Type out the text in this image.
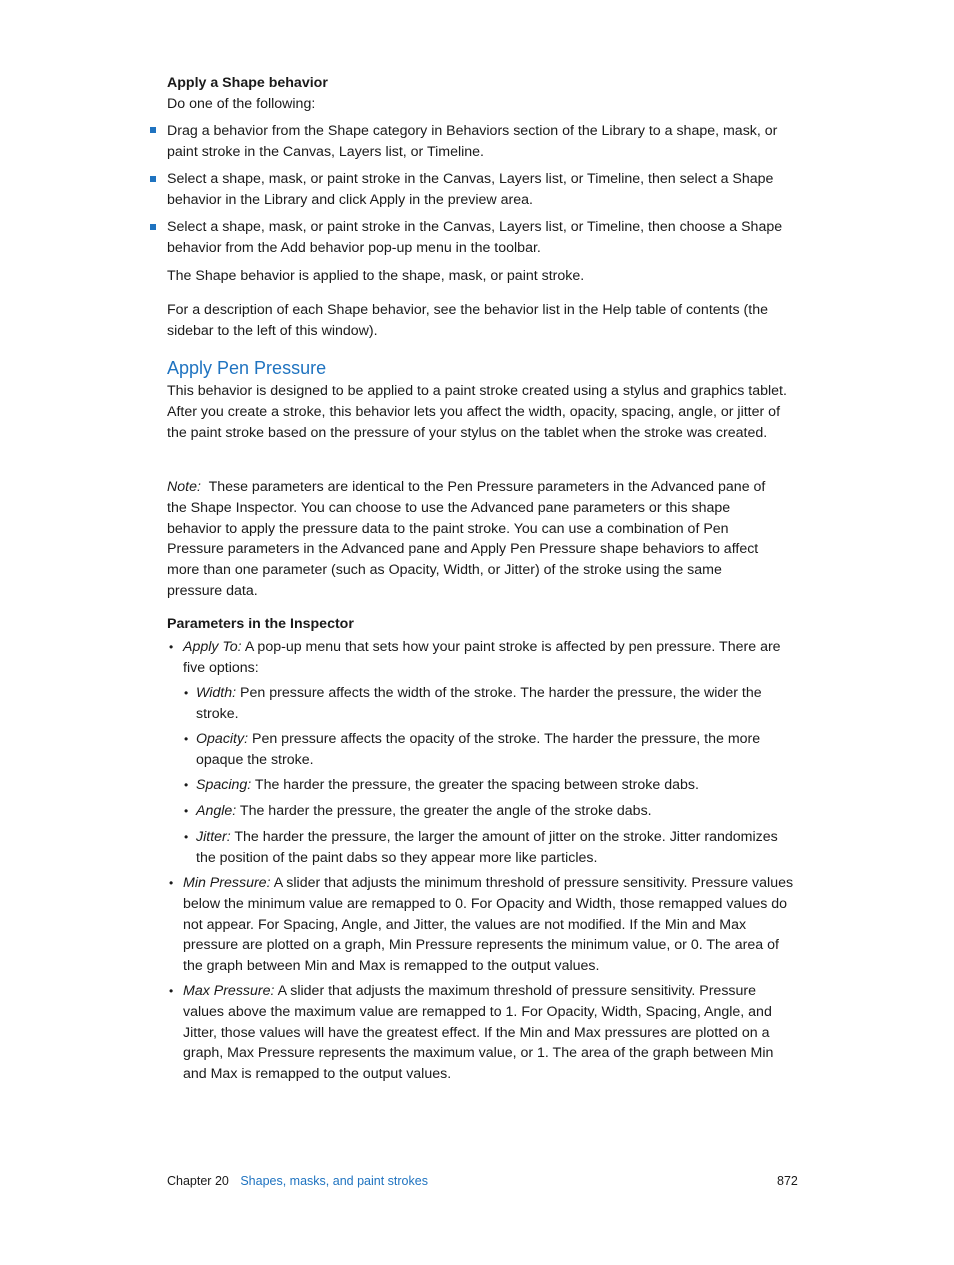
Apply a Shape behavior

Do one of the following:

Drag a behavior from the Shape category in Behaviors section of the Library to a shape, mask, or paint stroke in the Canvas, Layers list, or Timeline.

Select a shape, mask, or paint stroke in the Canvas, Layers list, or Timeline, then select a Shape behavior in the Library and click Apply in the preview area.

Select a shape, mask, or paint stroke in the Canvas, Layers list, or Timeline, then choose a Shape behavior from the Add behavior pop-up menu in the toolbar.

The Shape behavior is applied to the shape, mask, or paint stroke.

For a description of each Shape behavior, see the behavior list in the Help table of contents (the sidebar to the left of this window).

Apply Pen Pressure

This behavior is designed to be applied to a paint stroke created using a stylus and graphics tablet. After you create a stroke, this behavior lets you affect the width, opacity, spacing, angle, or jitter of the paint stroke based on the pressure of your stylus on the tablet when the stroke was created.

Note: These parameters are identical to the Pen Pressure parameters in the Advanced pane of the Shape Inspector. You can choose to use the Advanced pane parameters or this shape behavior to apply the pressure data to the paint stroke. You can use a combination of Pen Pressure parameters in the Advanced pane and Apply Pen Pressure shape behaviors to affect more than one parameter (such as Opacity, Width, or Jitter) of the stroke using the same pressure data.

Parameters in the Inspector

• Apply To: A pop-up menu that sets how your paint stroke is affected by pen pressure. There are five options:

• Width: Pen pressure affects the width of the stroke. The harder the pressure, the wider the stroke.

• Opacity: Pen pressure affects the opacity of the stroke. The harder the pressure, the more opaque the stroke.

• Spacing: The harder the pressure, the greater the spacing between stroke dabs.

• Angle: The harder the pressure, the greater the angle of the stroke dabs.

• Jitter: The harder the pressure, the larger the amount of jitter on the stroke. Jitter randomizes the position of the paint dabs so they appear more like particles.

• Min Pressure: A slider that adjusts the minimum threshold of pressure sensitivity. Pressure values below the minimum value are remapped to 0. For Opacity and Width, those remapped values do not appear. For Spacing, Angle, and Jitter, the values are not modified. If the Min and Max pressure are plotted on a graph, Min Pressure represents the minimum value, or 0. The area of the graph between Min and Max is remapped to the output values.

• Max Pressure: A slider that adjusts the maximum threshold of pressure sensitivity. Pressure values above the maximum value are remapped to 1. For Opacity, Width, Spacing, Angle, and Jitter, those values will have the greatest effect. If the Min and Max pressures are plotted on a graph, Max Pressure represents the maximum value, or 1. The area of the graph between Min and Max is remapped to the output values.

Chapter 20 Shapes, masks, and paint strokes	872
